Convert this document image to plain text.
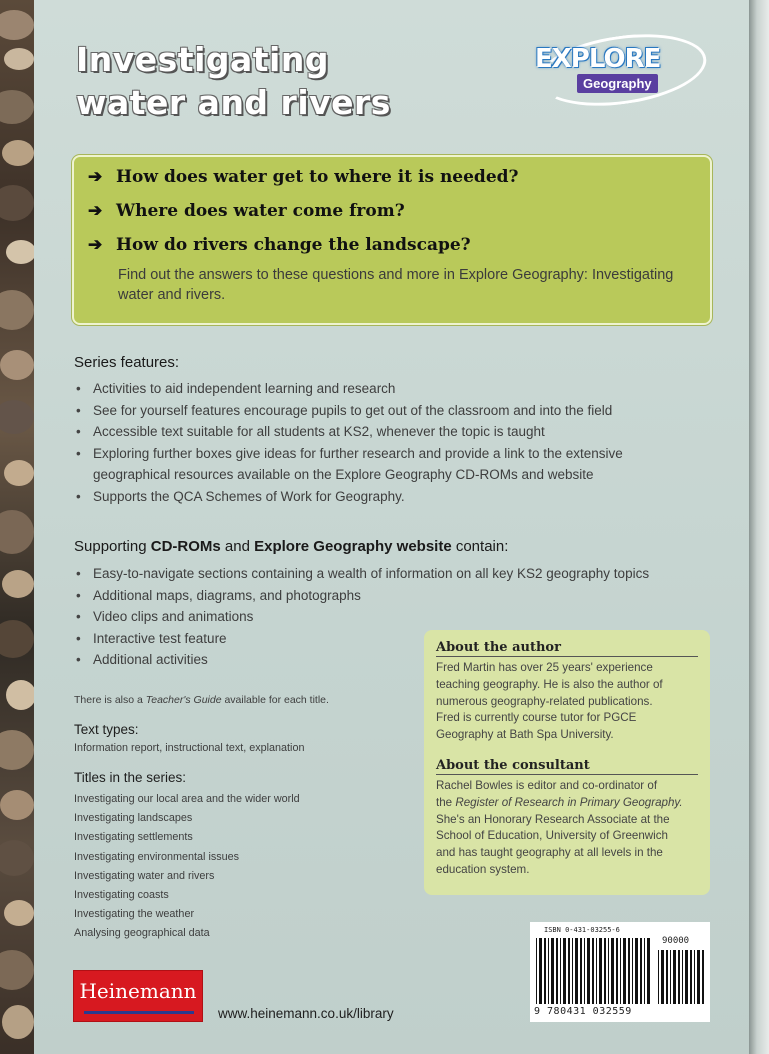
Investigating
water and rivers
EXPLORE
Geography
➔ How does water get to where it is needed?
➔ Where does water come from?
➔ How do rivers change the landscape?

Find out the answers to these questions and more in Explore Geography: Investigating water and rivers.

Series features:
• Activities to aid independent learning and research
• See for yourself features encourage pupils to get out of the classroom and into the field
• Accessible text suitable for all students at KS2, whenever the topic is taught
• Exploring further boxes give ideas for further research and provide a link to the extensive
geographical resources available on the Explore Geography CD-ROMs and website
• Supports the QCA Schemes of Work for Geography.
Supporting CD-ROMs and Explore Geography website contain:
• Easy-to-navigate sections containing a wealth of information on all key KS2 geography topics
• Additional maps, diagrams, and photographs
• Video clips and animations
• Interactive test feature
• Additional activities
There is also a Teacher's Guide available for each title.
Text types:
Information report, instructional text, explanation
Titles in the series:
Investigating our local area and the wider world
Investigating landscapes
Investigating settlements
Investigating environmental issues
Investigating water and rivers
Investigating coasts
Investigating the weather
Analysing geographical data
About the author

Fred Martin has over 25 years' experience
teaching geography. He is also the author of
numerous geography-related publications.
Fred is currently course tutor for PGCE
Geography at Bath Spa University.

About the consultant

Rachel Bowles is editor and co-ordinator of
the Register of Research in Primary Geography.
She's an Honorary Research Associate at the
School of Education, University of Greenwich
and has taught geography at all levels in the
education system.

ISBN 0-431-03255-6
90000
9 780431 032559
Heinemann
www.heinemann.co.uk/library
